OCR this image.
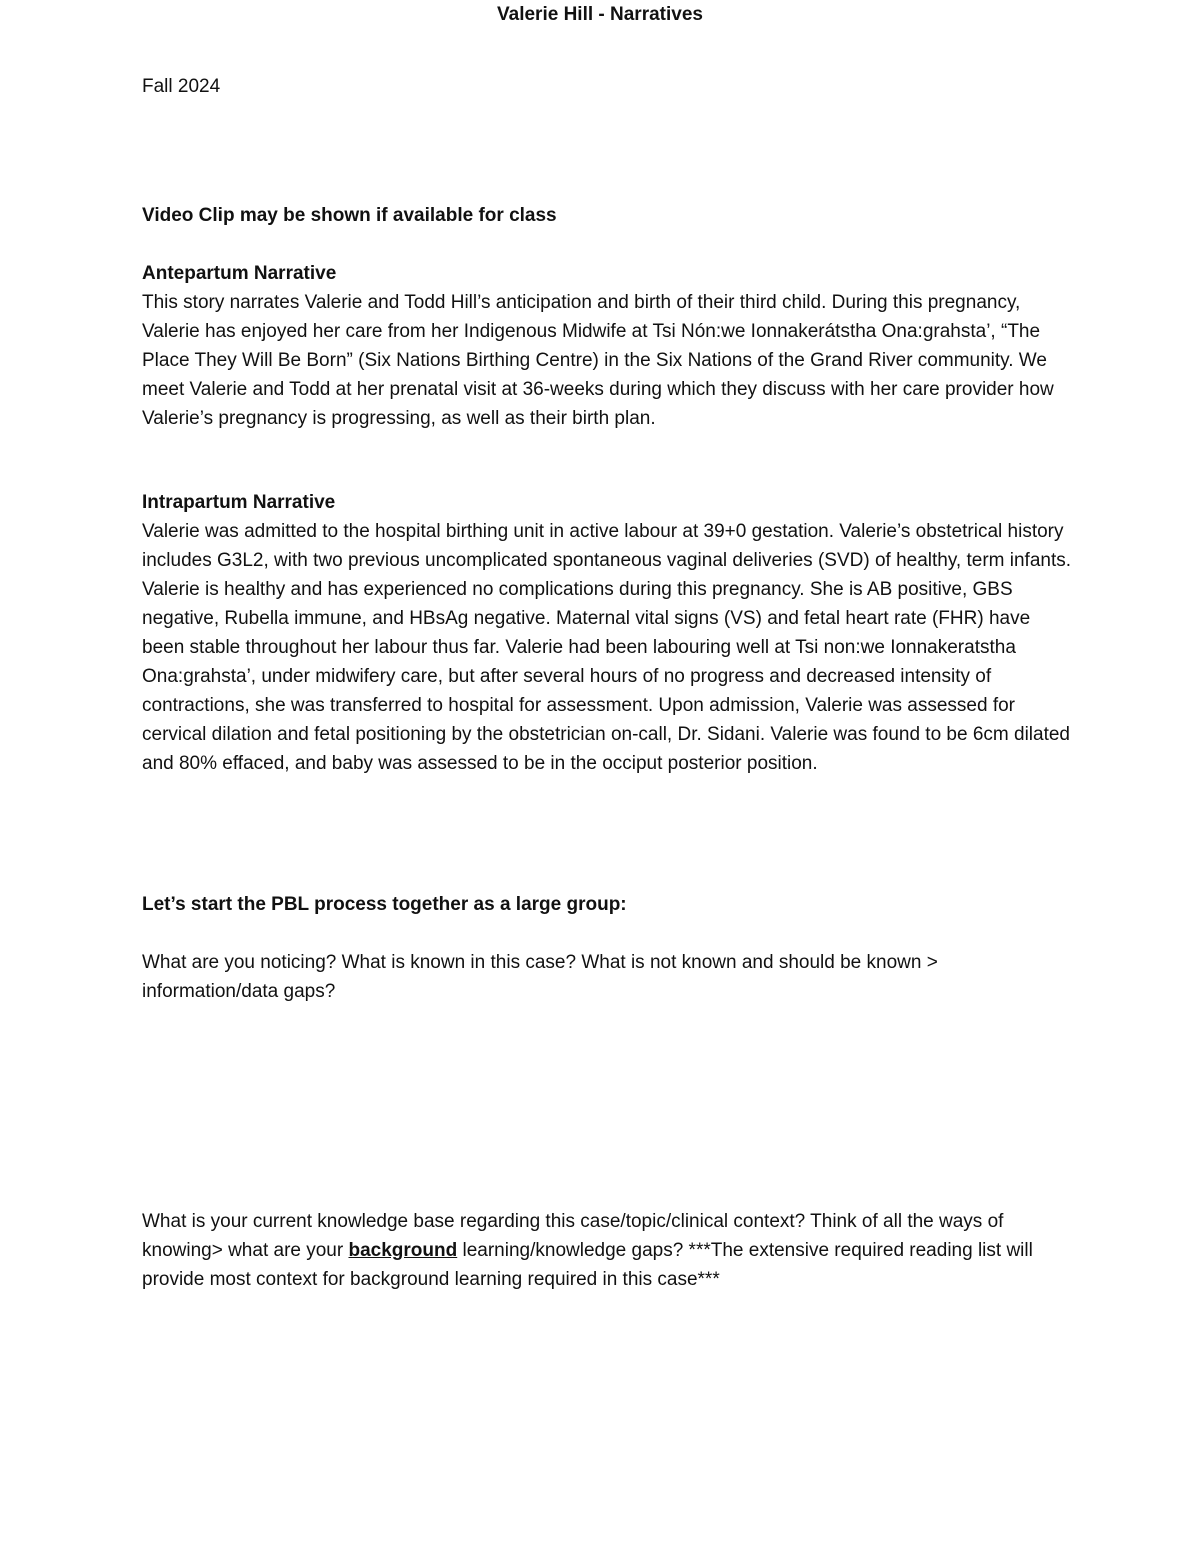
Fall 2024

Valerie Hill - Narratives

Video Clip may be shown if available for class

Antepartum Narrative

This story narrates Valerie and Todd Hill’s anticipation and birth of their third child. During this pregnancy, Valerie has enjoyed her care from her Indigenous Midwife at Tsi Nón:we Ionnakerátstha Ona:grahsta’, “The Place They Will Be Born” (Six Nations Birthing Centre) in the Six Nations of the Grand River community. We meet Valerie and Todd at her prenatal visit at 36-weeks during which they discuss with her care provider how Valerie’s pregnancy is progressing, as well as their birth plan.

Intrapartum Narrative

Valerie was admitted to the hospital birthing unit in active labour at 39+0 gestation. Valerie’s obstetrical history includes G3L2, with two previous uncomplicated spontaneous vaginal deliveries (SVD) of healthy, term infants. Valerie is healthy and has experienced no complications during this pregnancy. She is AB positive, GBS negative, Rubella immune, and HBsAg negative. Maternal vital signs (VS) and fetal heart rate (FHR) have been stable throughout her labour thus far. Valerie had been labouring well at Tsi non:we Ionnakeratstha Ona:grahsta’, under midwifery care, but after several hours of no progress and decreased intensity of contractions, she was transferred to hospital for assessment. Upon admission, Valerie was assessed for cervical dilation and fetal positioning by the obstetrician on-call, Dr. Sidani. Valerie was found to be 6cm dilated and 80% effaced, and baby was assessed to be in the occiput posterior position.

Let’s start the PBL process together as a large group:

What are you noticing? What is known in this case? What is not known and should be known > information/data gaps?

What is your current knowledge base regarding this case/topic/clinical context? Think of all the ways of knowing> what are your background learning/knowledge gaps? ***The extensive required reading list will provide most context for background learning required in this case***
